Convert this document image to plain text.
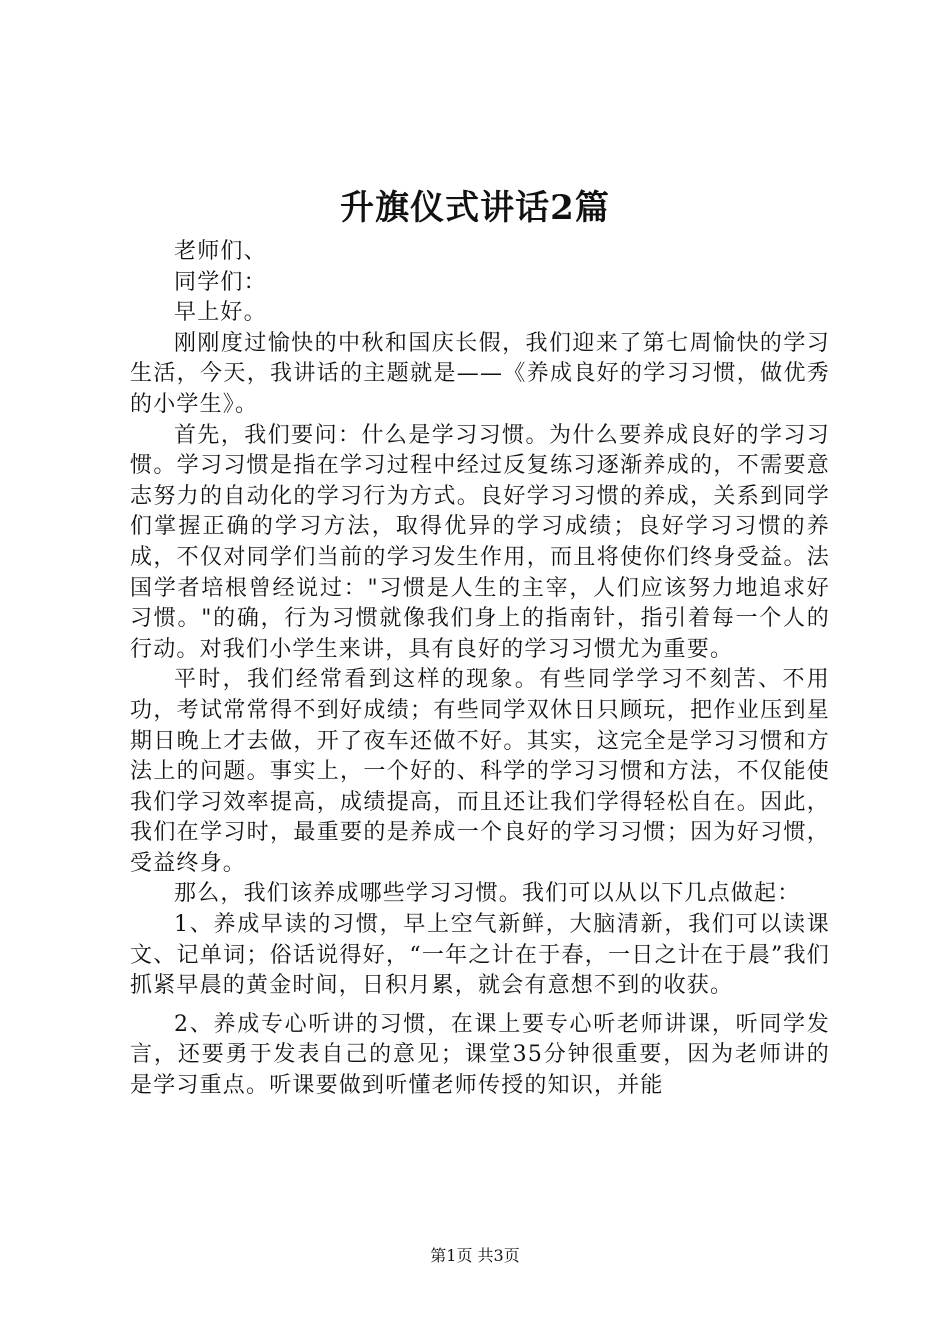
升旗仪式讲话2篇

老师们、

同学们：

早上好。

刚刚度过愉快的中秋和国庆长假，我们迎来了第七周愉快的学习生活，今天，我讲话的主题就是——《养成良好的学习习惯，做优秀的小学生》。

首先，我们要问：什么是学习习惯。为什么要养成良好的学习习惯。学习习惯是指在学习过程中经过反复练习逐渐养成的，不需要意志努力的自动化的学习行为方式。良好学习习惯的养成，关系到同学们掌握正确的学习方法，取得优异的学习成绩；良好学习习惯的养成，不仅对同学们当前的学习发生作用，而且将使你们终身受益。法国学者培根曾经说过："习惯是人生的主宰，人们应该努力地追求好习惯。"的确，行为习惯就像我们身上的指南针，指引着每一个人的行动。对我们小学生来讲，具有良好的学习习惯尤为重要。

平时，我们经常看到这样的现象。有些同学学习不刻苦、不用功，考试常常得不到好成绩；有些同学双休日只顾玩，把作业压到星期日晚上才去做，开了夜车还做不好。其实，这完全是学习习惯和方法上的问题。事实上，一个好的、科学的学习习惯和方法，不仅能使我们学习效率提高，成绩提高，而且还让我们学得轻松自在。因此，我们在学习时，最重要的是养成一个良好的学习习惯；因为好习惯，受益终身。

那么，我们该养成哪些学习习惯。我们可以从以下几点做起：

1、养成早读的习惯，早上空气新鲜，大脑清新，我们可以读课文、记单词；俗话说得好，“一年之计在于春，一日之计在于晨”我们抓紧早晨的黄金时间，日积月累，就会有意想不到的收获。

2、养成专心听讲的习惯，在课上要专心听老师讲课，听同学发言，还要勇于发表自己的意见；课堂35分钟很重要，因为老师讲的是学习重点。听课要做到听懂老师传授的知识，并能

第1页 共3页
